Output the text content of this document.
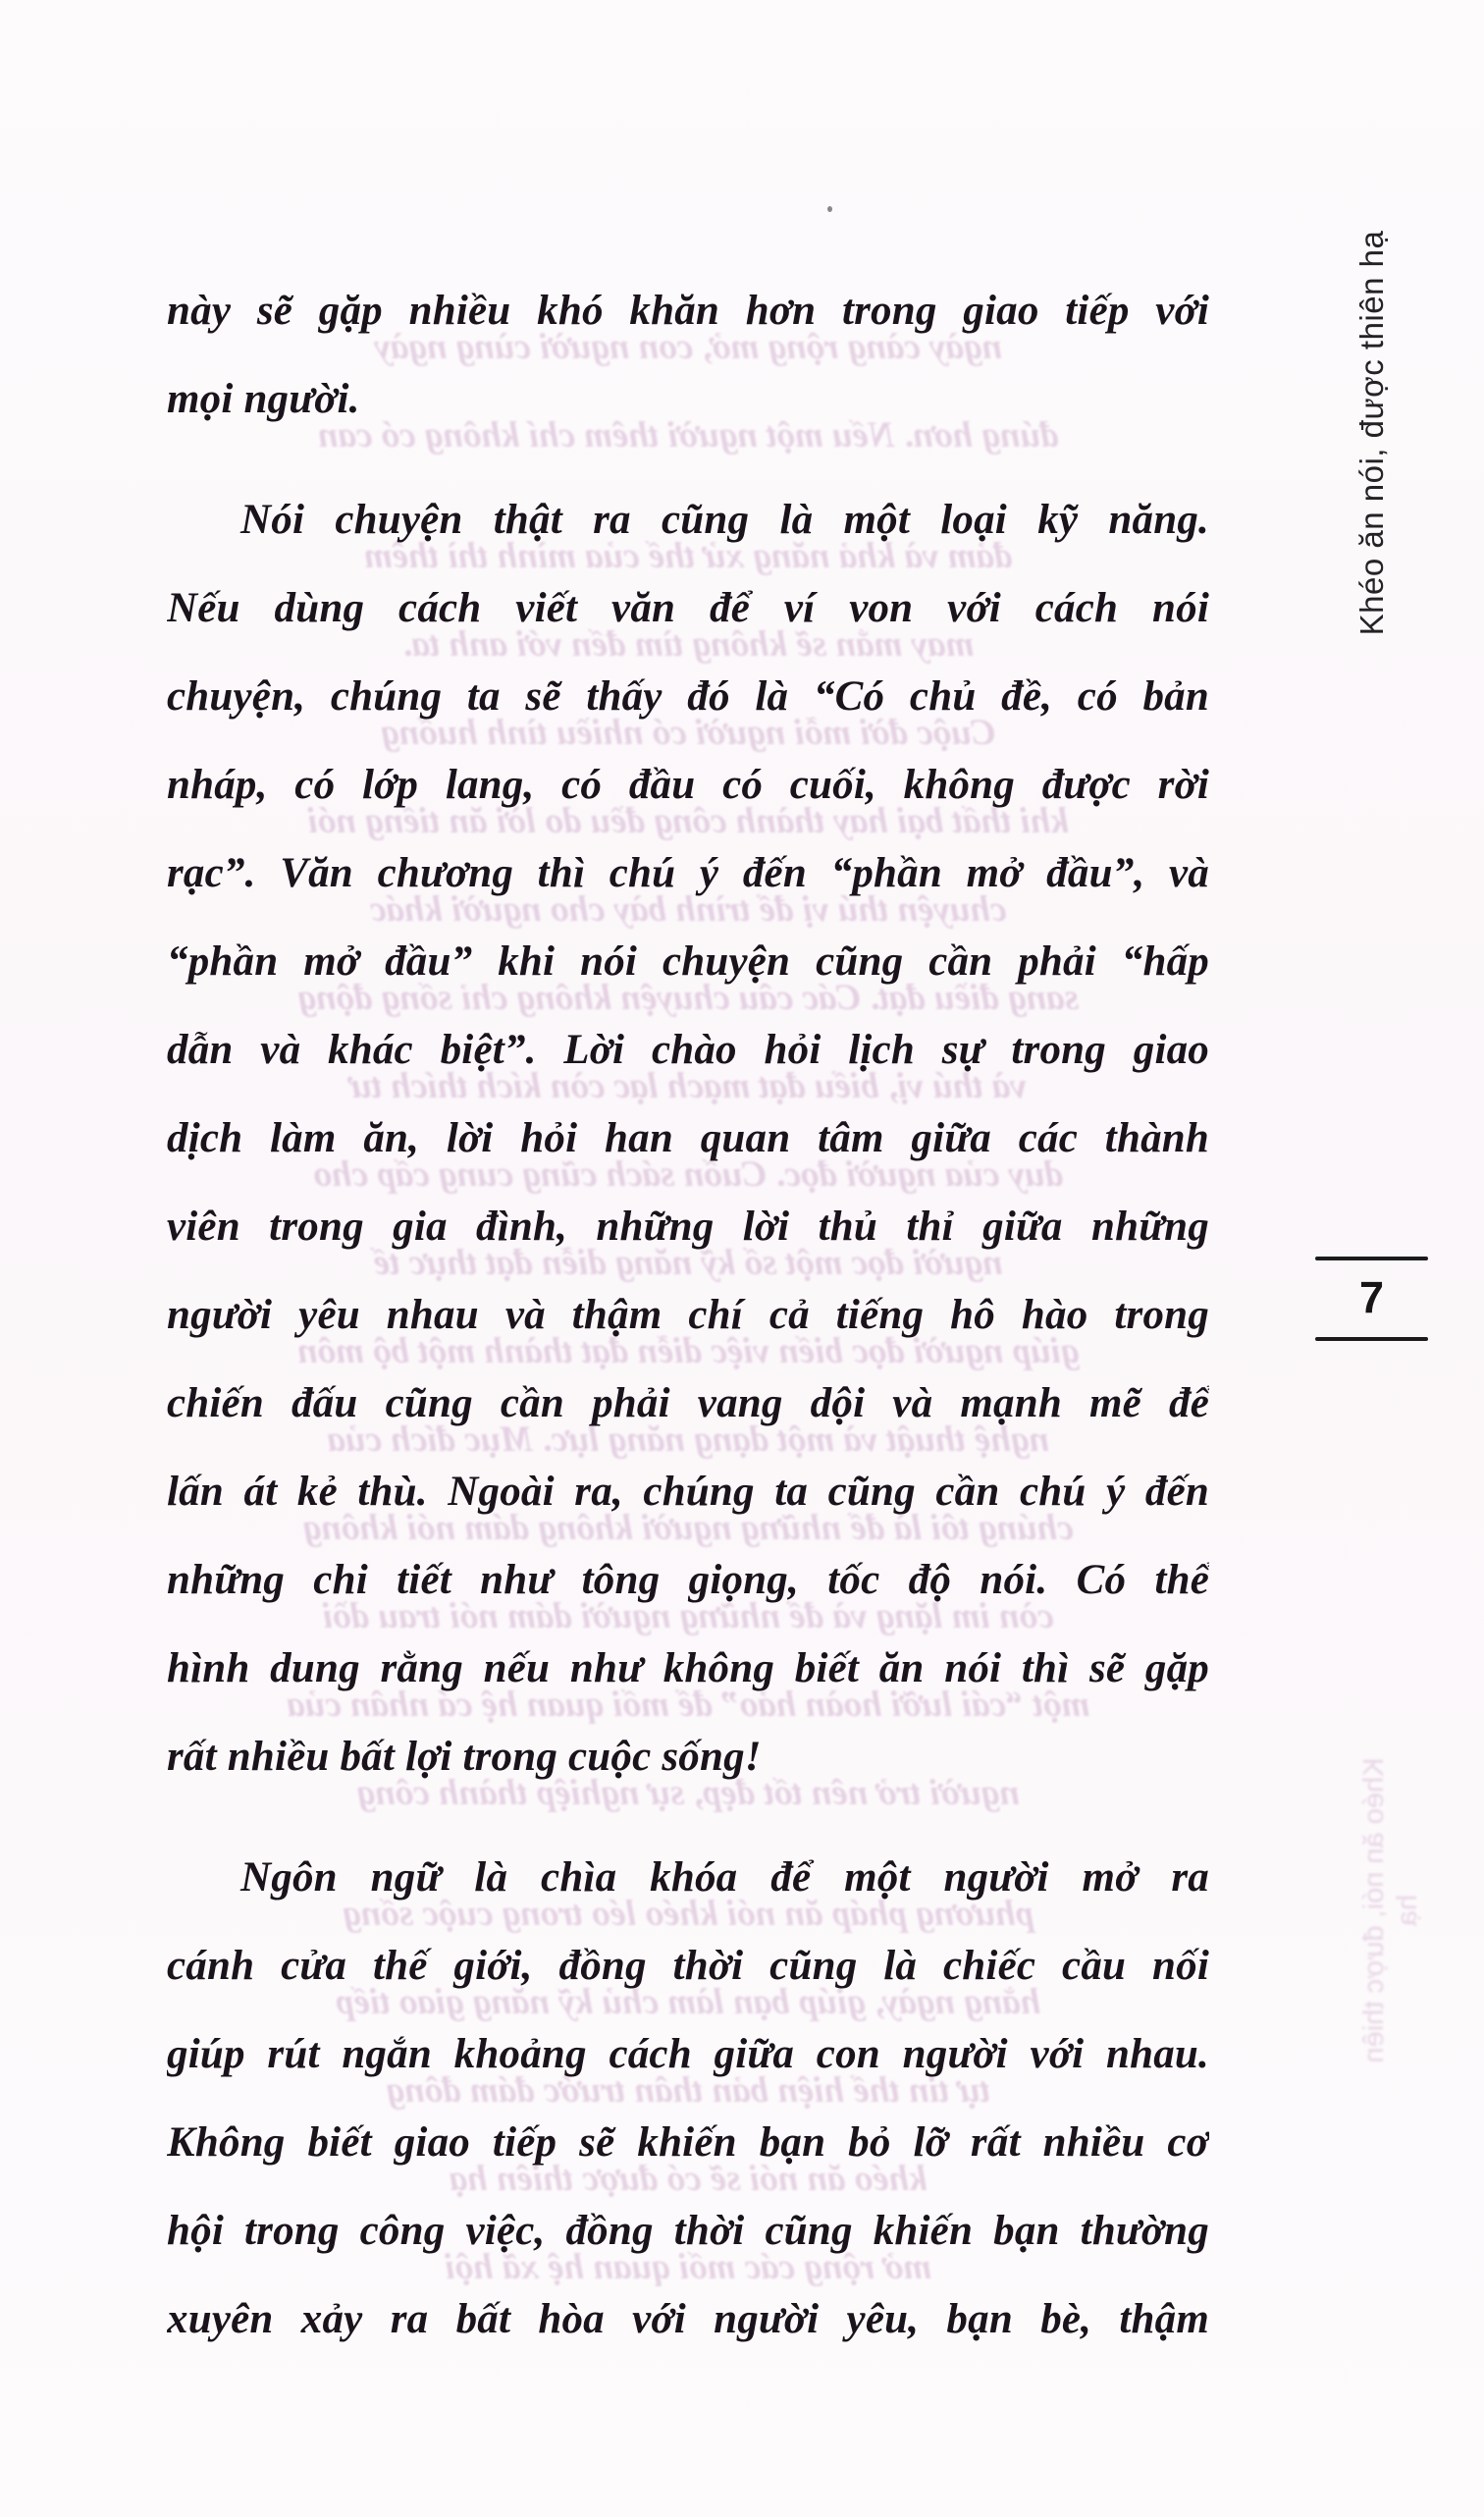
ngày càng rộng mở, con người cùng ngày
đúng hơn. Nếu một người thêm chí không có can
đảm và khả năng xử thế của mình thì thêm
may mắn sẽ không tìm đến với anh ta.
Cuộc đời mỗi người có nhiều tình huống
khi thất bại hay thành công đều do lời ăn tiếng nói
chuyện thú vị để trình bày cho người khác
sang điều đạt. Các câu chuyện không chỉ sống động
và thú vị, biểu đạt mạch lạc còn kích thích tư
duy của người đọc. Cuốn sách cũng cung cấp cho
người đọc một số kỹ năng diễn đạt thực tế
giúp người đọc biến việc diễn đạt thành một bộ môn
nghệ thuật và một dạng năng lực. Mục đích của
chúng tôi là để những người không dám nói không
còn im lặng và để những người dám nói trau dồi
một “cái lưỡi hoàn hảo” để mối quan hệ cá nhân của
người trở nên tốt đẹp, sự nghiệp thành công
phương pháp ăn nói khéo léo trong cuộc sống
hằng ngày, giúp bạn làm chủ kỹ năng giao tiếp
tự tin thể hiện bản thân trước đám đông
khéo ăn nói sẽ có được thiên hạ
mở rộng các mối quan hệ xã hội
này sẽ gặp nhiều khó khăn hơn trong giao tiếp với
mọi người.
Nói chuyện thật ra cũng là một loại kỹ năng.
Nếu dùng cách viết văn để ví von với cách nói
chuyện, chúng ta sẽ thấy đó là “Có chủ đề, có bản
nháp, có lớp lang, có đầu có cuối, không được rời
rạc”. Văn chương thì chú ý đến “phần mở đầu”, và
“phần mở đầu” khi nói chuyện cũng cần phải “hấp
dẫn và khác biệt”. Lời chào hỏi lịch sự trong giao
dịch làm ăn, lời hỏi han quan tâm giữa các thành
viên trong gia đình, những lời thủ thỉ giữa những
người yêu nhau và thậm chí cả tiếng hô hào trong
chiến đấu cũng cần phải vang dội và mạnh mẽ để
lấn át kẻ thù. Ngoài ra, chúng ta cũng cần chú ý đến
những chi tiết như tông giọng, tốc độ nói. Có thể
hình dung rằng nếu như không biết ăn nói thì sẽ gặp
rất nhiều bất lợi trong cuộc sống!
Ngôn ngữ là chìa khóa để một người mở ra
cánh cửa thế giới, đồng thời cũng là chiếc cầu nối
giúp rút ngắn khoảng cách giữa con người với nhau.
Không biết giao tiếp sẽ khiến bạn bỏ lỡ rất nhiều cơ
hội trong công việc, đồng thời cũng khiến bạn thường
xuyên xảy ra bất hòa với người yêu, bạn bè, thậm
Khéo ăn nói, được thiên hạ
7
Khéo ăn nói, được thiên hạ
